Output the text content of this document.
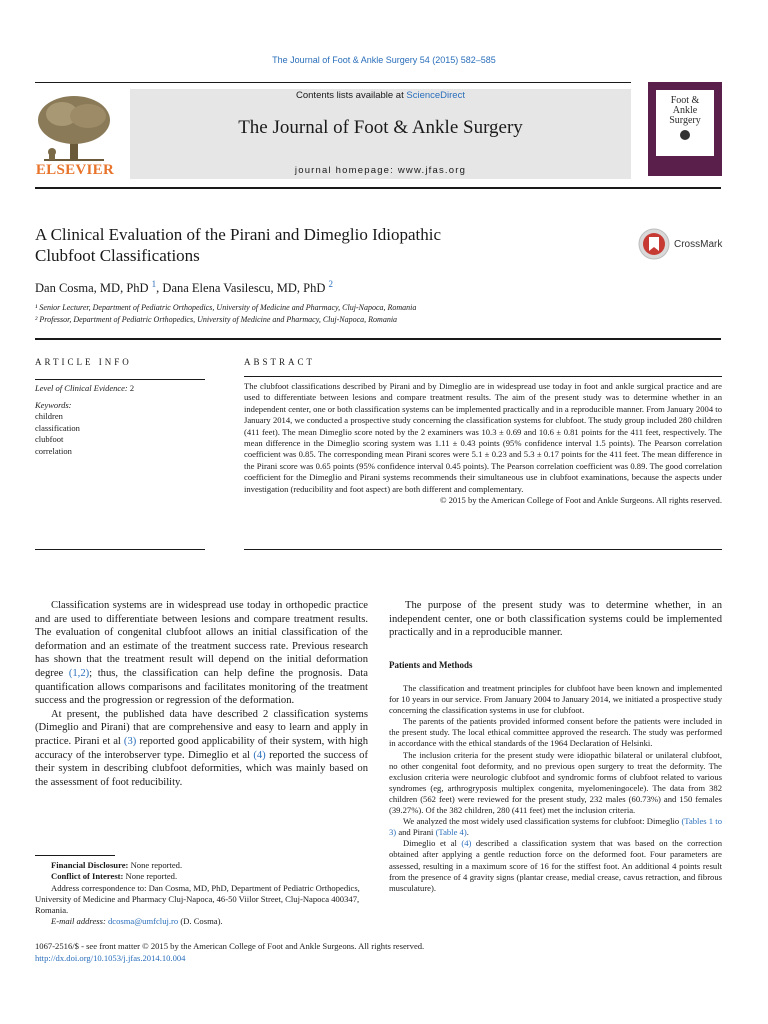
The Journal of Foot & Ankle Surgery 54 (2015) 582–585
ELSEVIER
Contents lists available at ScienceDirect
The Journal of Foot & Ankle Surgery
journal homepage: www.jfas.org
Foot &
Ankle
Surgery
A Clinical Evaluation of the Pirani and Dimeglio Idiopathic
Clubfoot Classifications
CrossMark
Dan Cosma, MD, PhD $^1$, Dana Elena Vasilescu, MD, PhD $^2$
¹ Senior Lecturer, Department of Pediatric Orthopedics, University of Medicine and Pharmacy, Cluj-Napoca, Romania
² Professor, Department of Pediatric Orthopedics, University of Medicine and Pharmacy, Cluj-Napoca, Romania
ARTICLE INFO
Level of Clinical Evidence: 2
Keywords:
children
classification
clubfoot
correlation
ABSTRACT
The clubfoot classifications described by Pirani and by Dimeglio are in widespread use today in foot and ankle surgical practice and are used to differentiate between lesions and compare treatment results. The aim of the present study was to determine whether in an independent center, one or both classification systems can be implemented practically and in a reproducible manner. From January 2004 to January 2014, we conducted a prospective study concerning the classification systems for clubfoot. The study group included 280 children (411 feet). The mean Dimeglio score noted by the 2 examiners was 10.3 ± 0.69 and 10.6 ± 0.81 points for the 411 feet, respectively. The mean difference in the Dimeglio scoring system was 1.11 ± 0.43 points (95% confidence interval 1.5 points). The Pearson correlation coefficient was 0.85. The corresponding mean Pirani scores were 5.1 ± 0.23 and 5.3 ± 0.17 points for the 411 feet. The mean difference in the Pirani score was 0.65 points (95% confidence interval 0.45 points). The Pearson correlation coefficient was 0.89. The good correlation coefficient for the Dimeglio and Pirani systems recommends their simultaneous use in clubfoot examinations, because the aspects under investigation (reducibility and foot aspect) are both different and complementary.
© 2015 by the American College of Foot and Ankle Surgeons. All rights reserved.

Classification systems are in widespread use today in orthopedic practice and are used to differentiate between lesions and compare treatment results. The evaluation of congenital clubfoot allows an initial classification of the deformation and an estimate of the treatment success rate. Previous research has shown that the treatment result will depend on the initial deformation degree (1,2); thus, the classification can help define the prognosis. Data quantification allows comparisons and facilitates monitoring of the treatment success and the progression or regression of the deformation.

At present, the published data have described 2 classification systems (Dimeglio and Pirani) that are comprehensive and easy to learn and apply in practice. Pirani et al (3) reported good applicability of their system, with high accuracy of the interobserver type. Dimeglio et al (4) reported the success of their system in describing clubfoot deformities, which was mainly based on the assessment of foot reducibility.

The purpose of the present study was to determine whether, in an independent center, one or both classification systems could be implemented practically and in a reproducible manner.

Patients and Methods

The classification and treatment principles for clubfoot have been known and implemented for 10 years in our service. From January 2004 to January 2014, we initiated a prospective study concerning the classification systems in use for clubfoot.

The parents of the patients provided informed consent before the patients were included in the present study. The local ethical committee approved the research. The study was performed in accordance with the ethical standards of the 1964 Declaration of Helsinki.

The inclusion criteria for the present study were idiopathic bilateral or unilateral clubfoot, no other congenital foot deformity, and no previous open surgery to treat the deformity. The exclusion criteria were neurologic clubfoot and syndromic forms of clubfoot related to various syndromes (eg, arthrogryposis multiplex congenita, myelomeningocele). The data from 382 children (562 feet) were reviewed for the present study, 232 males (60.73%) and 150 females (39.27%). Of the 382 children, 280 (411 feet) met the inclusion criteria.

We analyzed the most widely used classification systems for clubfoot: Dimeglio (Tables 1 to 3) and Pirani (Table 4).

Dimeglio et al (4) described a classification system that was based on the correction obtained after applying a gentle reduction force on the deformed foot. Four parameters are assessed, resulting in a maximum score of 16 for the stiffest foot. An additional 4 points result from the presence of 4 gravity signs (plantar crease, medial crease, cavus retraction, and fibrous musculature).

Financial Disclosure: None reported.
Conflict of Interest: None reported.
Address correspondence to: Dan Cosma, MD, PhD, Department of Pediatric Orthopedics, University of Medicine and Pharmacy Cluj-Napoca, 46-50 Viilor Street, Cluj-Napoca 400347, Romania.
E-mail address: dcosma@umfcluj.ro (D. Cosma).
1067-2516/$ - see front matter © 2015 by the American College of Foot and Ankle Surgeons. All rights reserved.
http://dx.doi.org/10.1053/j.jfas.2014.10.004
